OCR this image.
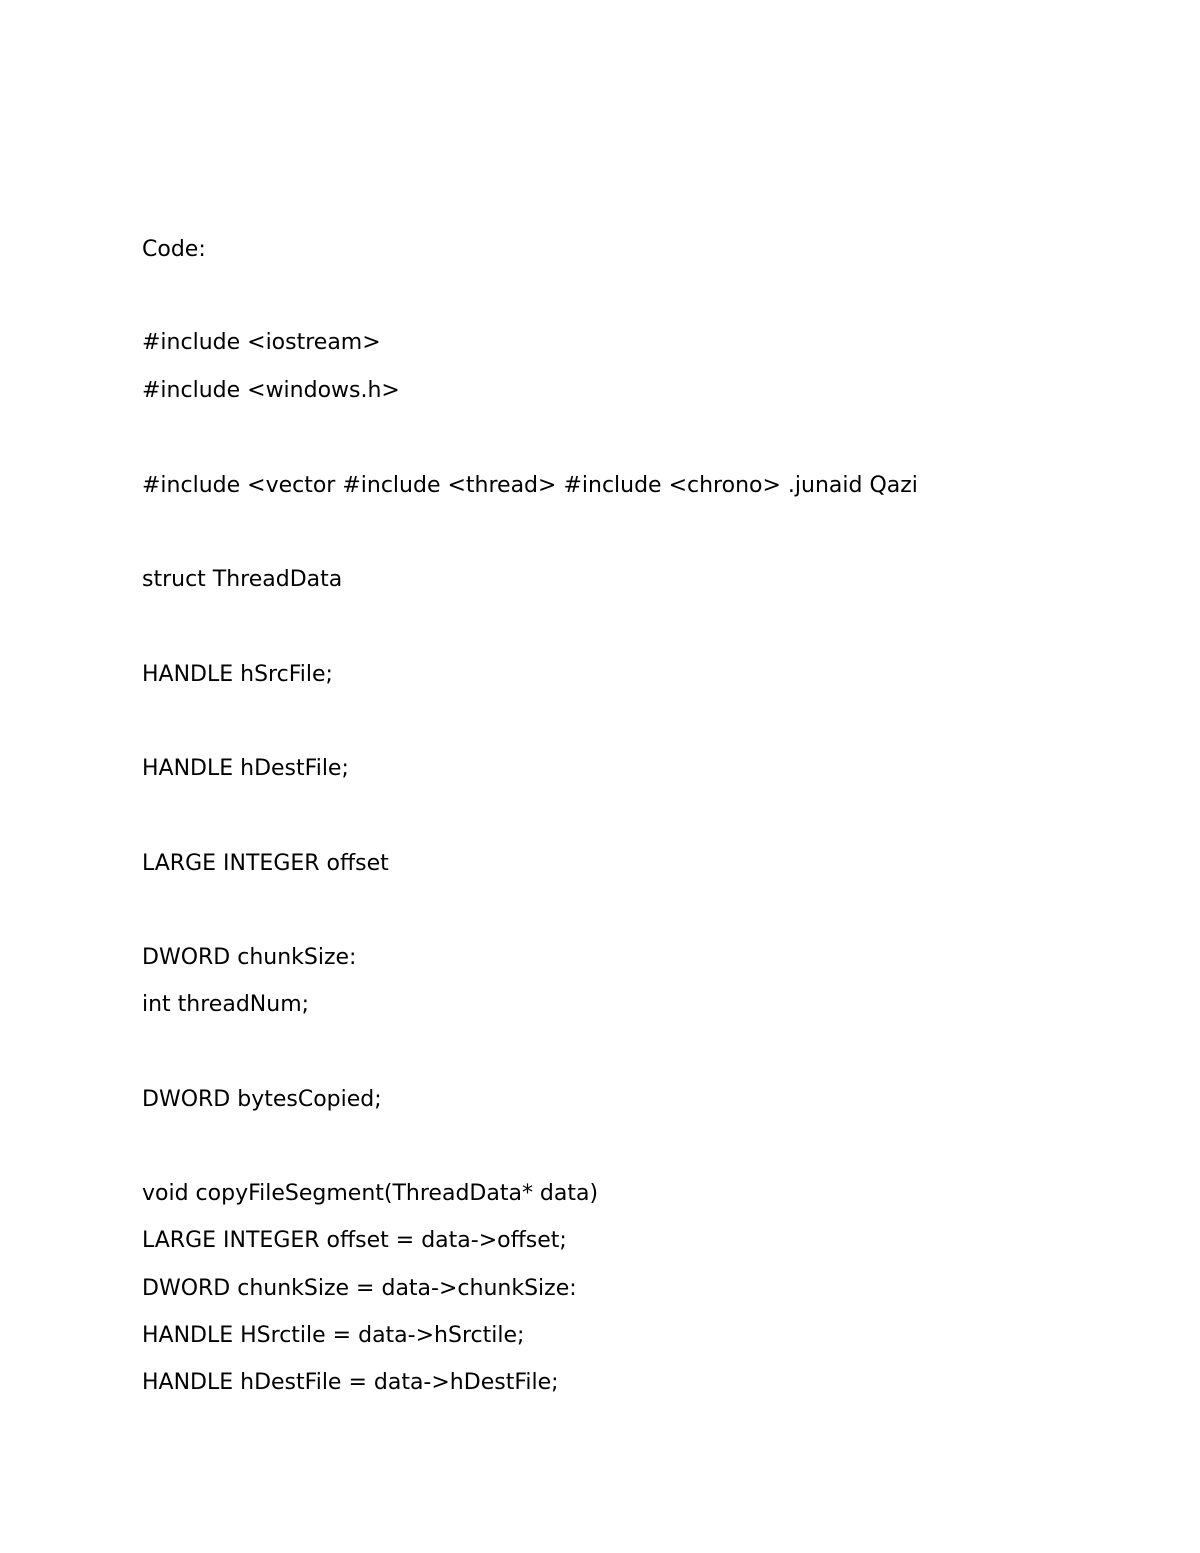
Code:
#include <iostream>
#include <windows.h>
#include <vector #include <thread> #include <chrono> .junaid Qazi
struct ThreadData
HANDLE hSrcFile;
HANDLE hDestFile;
LARGE INTEGER offset
DWORD chunkSize:
int threadNum;
DWORD bytesCopied;
void copyFileSegment(ThreadData* data)
LARGE INTEGER offset = data->offset;
DWORD chunkSize = data->chunkSize:
HANDLE HSrctile = data->hSrctile;
HANDLE hDestFile = data->hDestFile;
